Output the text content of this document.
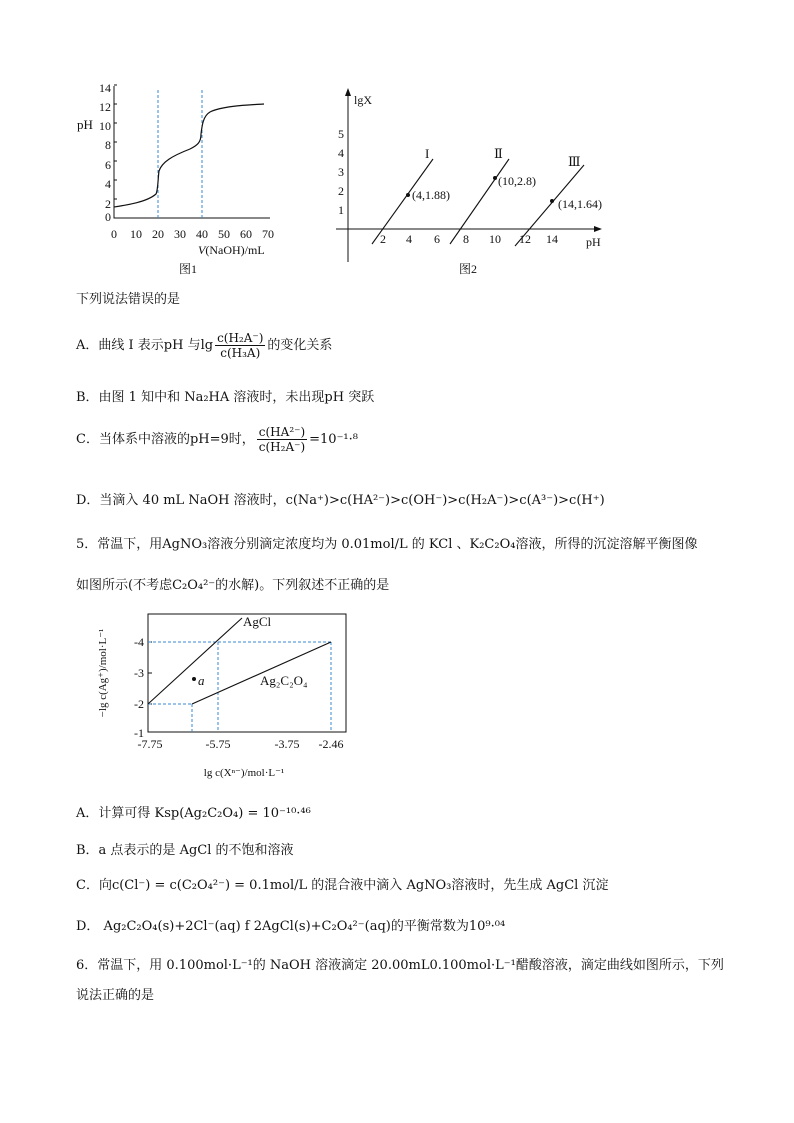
pH
0
2
4
6
8
10
12
14
0 10 20 30 40 50 60 70
V(NaOH)/mL
图1
lgX
1
2
3
4
5
2 4 6 8 10 12 14 pH
I	Ⅱ
Ⅲ
(4,1.88)
(10,2.8)
(14,1.64)
图2
下列说法错误的是
A．曲线 I 表示pH 与$\lg \frac{\text{c(H₂A⁻)}}{\text{c(H₃A)}}$ 的变化关系
B．由图 1 知中和 Na₂HA 溶液时，未出现pH 突跃
C．当体系中溶液的pH=9时， $\frac{\text{c(HA²⁻)}}{\text{c(H₂A⁻)}} =10^{-1}\cdot^8$
D．当滴入 40 mL NaOH 溶液时，c(Na⁺)>c(HA²⁻)>c(OH⁻)>c(H₂A⁻)>c(A³⁻)>c(H⁺)
5．常温下，用AgNO₃溶液分别滴定浓度均为 0.01mol/L 的 KCl 、K₂C₂O₄溶液，所得的沉淀溶解平衡图像
如图所示(不考虑C₂O₄²⁻的水解)。下列叙述不正确的是
-4
-3
-2
-1
-7.75	-5.75	-3.75 -2.46
AgCl
Ag₂C₂O₄
a
−lg c(Ag⁺)/mol·L⁻¹
lg c(Xⁿ⁻)/mol·L⁻¹
A．计算可得 Ksp(Ag₂C₂O₄) = 10⁻¹⁰·⁴⁶
B．a 点表示的是 AgCl 的不饱和溶液
C．向c(Cl⁻) = c(C₂O₄²⁻) = 0.1mol/L 的混合液中滴入 AgNO₃溶液时，先生成 AgCl 沉淀
D． Ag₂C₂O₄(s)+2Cl⁻(aq) f 2AgCl(s)+C₂O₄²⁻(aq)的平衡常数为10⁹·⁰⁴
6．常温下，用 0.100mol·L⁻¹的 NaOH 溶液滴定 20.00mL0.100mol·L⁻¹醋酸溶液，滴定曲线如图所示，下列
说法正确的是
